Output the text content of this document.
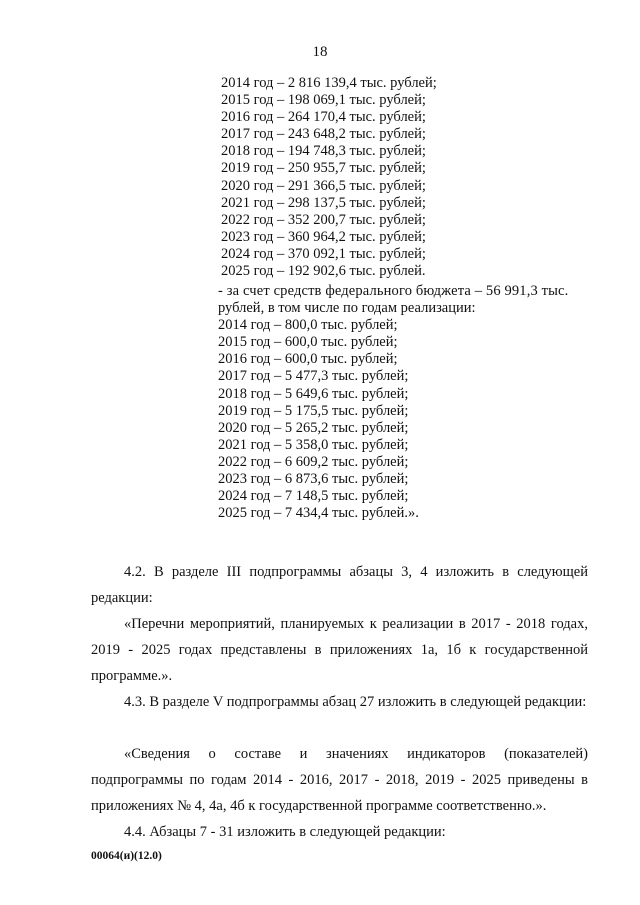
18
2014 год – 2 816 139,4 тыс. рублей;
2015 год – 198 069,1 тыс. рублей;
2016 год – 264 170,4 тыс. рублей;
2017 год – 243 648,2 тыс. рублей;
2018 год – 194 748,3 тыс. рублей;
2019 год – 250 955,7 тыс. рублей;
2020 год – 291 366,5 тыс. рублей;
2021 год – 298 137,5 тыс. рублей;
2022 год – 352 200,7 тыс. рублей;
2023 год – 360 964,2 тыс. рублей;
2024 год – 370 092,1 тыс. рублей;
2025 год – 192 902,6 тыс. рублей.
- за счет средств федерального бюджета – 56 991,3 тыс.
рублей, в том числе по годам реализации:
2014 год – 800,0 тыс. рублей;
2015 год – 600,0 тыс. рублей;
2016 год – 600,0 тыс. рублей;
2017 год – 5 477,3 тыс. рублей;
2018 год – 5 649,6 тыс. рублей;
2019 год – 5 175,5 тыс. рублей;
2020 год – 5 265,2 тыс. рублей;
2021 год – 5 358,0 тыс. рублей;
2022 год – 6 609,2 тыс. рублей;
2023 год – 6 873,6 тыс. рублей;
2024 год – 7 148,5 тыс. рублей;
2025 год – 7 434,4 тыс. рублей.».
4.2. В разделе III подпрограммы абзацы 3, 4 изложить в следующей редакции:
«Перечни мероприятий, планируемых к реализации в 2017 - 2018 годах, 2019 - 2025 годах представлены в приложениях 1а, 1б к государственной программе.».
4.3. В разделе V подпрограммы абзац 27 изложить в следующей редакции:
«Сведения о составе и значениях индикаторов (показателей) подпрограммы по годам 2014 - 2016, 2017 - 2018, 2019 - 2025 приведены в приложениях № 4, 4а, 4б к государственной программе соответственно.».
4.4. Абзацы 7 - 31 изложить в следующей редакции:
00064(и)(12.0)
